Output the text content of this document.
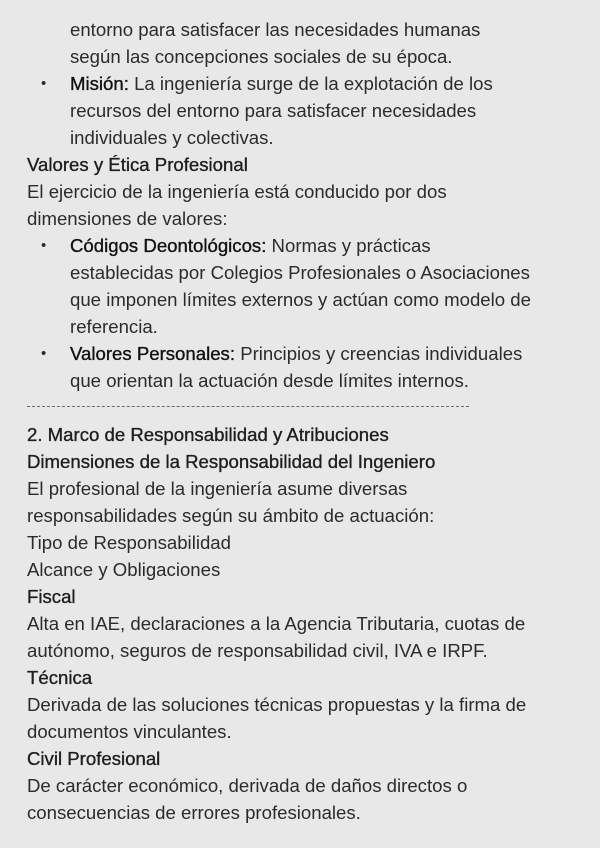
entorno para satisfacer las necesidades humanas
según las concepciones sociales de su época.
• Misión: La ingeniería surge de la explotación de los
recursos del entorno para satisfacer necesidades
individuales y colectivas.
Valores y Ética Profesional
El ejercicio de la ingeniería está conducido por dos
dimensiones de valores:
• Códigos Deontológicos: Normas y prácticas
establecidas por Colegios Profesionales o Asociaciones
que imponen límites externos y actúan como modelo de
referencia.
• Valores Personales: Principios y creencias individuales
que orientan la actuación desde límites internos.
2. Marco de Responsabilidad y Atribuciones
Dimensiones de la Responsabilidad del Ingeniero
El profesional de la ingeniería asume diversas
responsabilidades según su ámbito de actuación:
Tipo de Responsabilidad
Alcance y Obligaciones
Fiscal
Alta en IAE, declaraciones a la Agencia Tributaria, cuotas de
autónomo, seguros de responsabilidad civil, IVA e IRPF.
Técnica
Derivada de las soluciones técnicas propuestas y la firma de
documentos vinculantes.
Civil Profesional
De carácter económico, derivada de daños directos o
consecuencias de errores profesionales.
